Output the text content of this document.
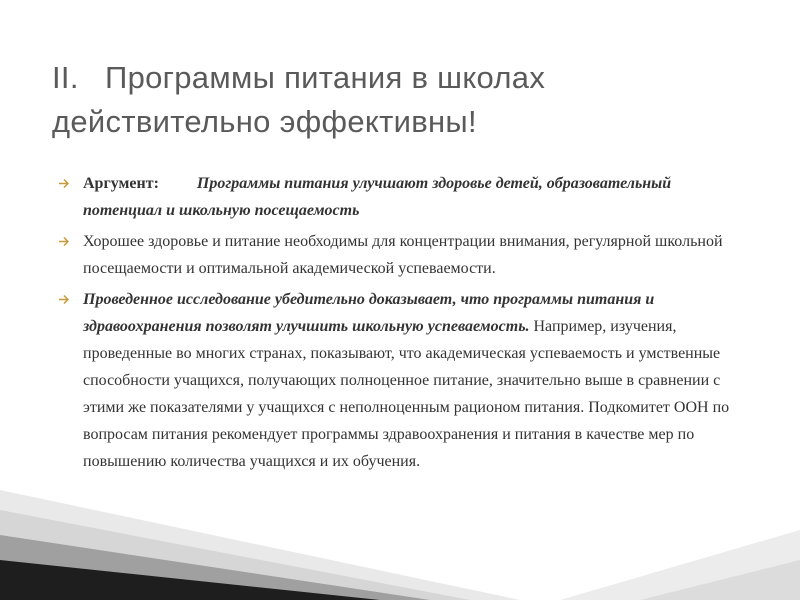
II. Программы питания в школах
действительно эффективны!
Аргумент: Программы питания улучшают здоровье детей, образовательный потенциал и школьную посещаемость
Хорошее здоровье и питание необходимы для концентрации внимания, регулярной школьной посещаемости и оптимальной академической успеваемости.
Проведенное исследование убедительно доказывает, что программы питания и здравоохранения позволят улучшить школьную успеваемость. Например, изучения, проведенные во многих странах, показывают, что академическая успеваемость и умственные способности учащихся, получающих полноценное питание, значительно выше в сравнении с этими же показателями у учащихся с неполноценным рационом питания. Подкомитет ООН по вопросам питания рекомендует программы здравоохранения и питания в качестве мер по повышению количества учащихся и их обучения.
